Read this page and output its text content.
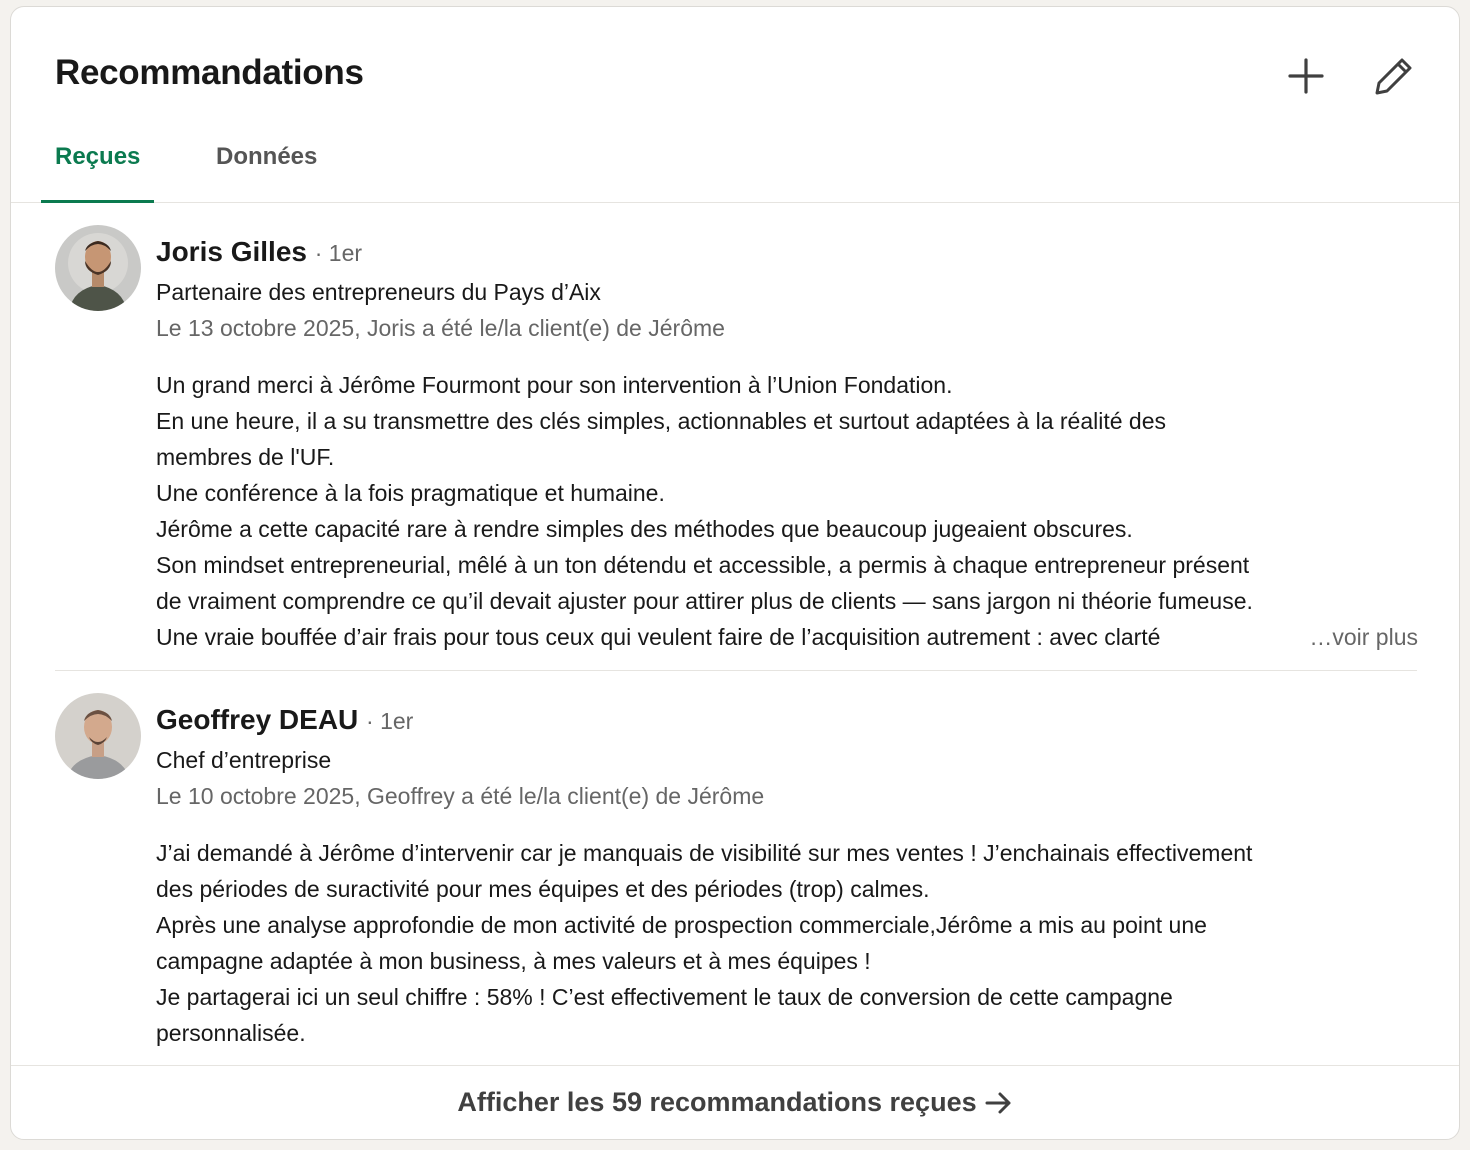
Recommandations
Reçues	Données
Joris Gilles · 1er
Partenaire des entrepreneurs du Pays d’Aix
Le 13 octobre 2025, Joris a été le/la client(e) de Jérôme

Un grand merci à Jérôme Fourmont pour son intervention à l’Union Fondation.

En une heure, il a su transmettre des clés simples, actionnables et surtout adaptées à la réalité des

membres de l'UF.

Une conférence à la fois pragmatique et humaine.

Jérôme a cette capacité rare à rendre simples des méthodes que beaucoup jugeaient obscures.

Son mindset entrepreneurial, mêlé à un ton détendu et accessible, a permis à chaque entrepreneur présent

de vraiment comprendre ce qu’il devait ajuster pour attirer plus de clients — sans jargon ni théorie fumeuse.

Une vraie bouffée d’air frais pour tous ceux qui veulent faire de l’acquisition autrement : avec clarté	…voir plus
Geoffrey DEAU · 1er
Chef d’entreprise
Le 10 octobre 2025, Geoffrey a été le/la client(e) de Jérôme

J’ai demandé à Jérôme d’intervenir car je manquais de visibilité sur mes ventes ! J’enchainais effectivement

des périodes de suractivité pour mes équipes et des périodes (trop) calmes.

Après une analyse approfondie de mon activité de prospection commerciale,Jérôme a mis au point une

campagne adaptée à mon business, à mes valeurs et à mes équipes !

Je partagerai ici un seul chiffre : 58% ! C’est effectivement le taux de conversion de cette campagne

personnalisée.

Afficher les 59 recommandations reçues
